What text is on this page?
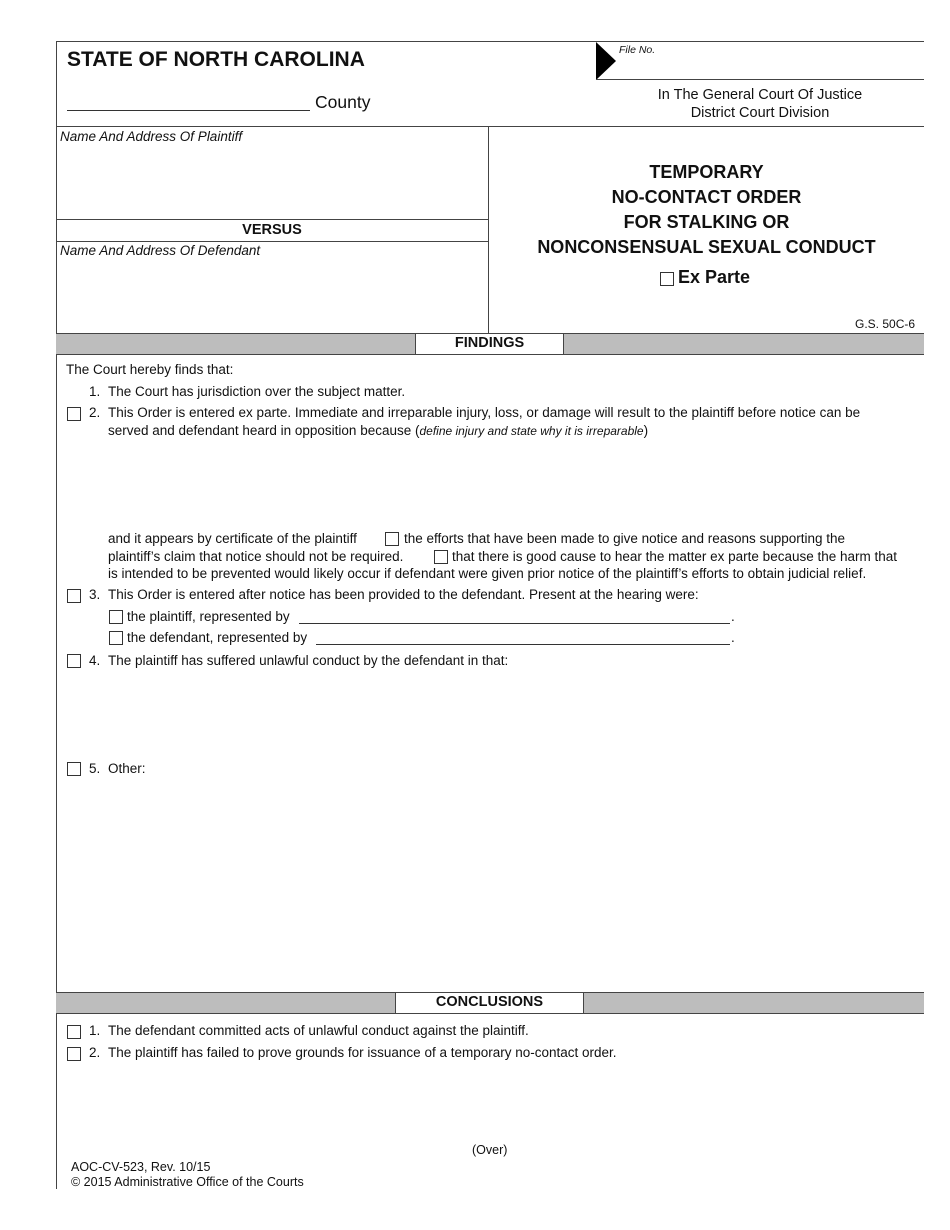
STATE OF NORTH CAROLINA
County
File No.
In The General Court Of Justice
District Court Division
Name And Address Of Plaintiff
VERSUS
Name And Address Of Defendant
TEMPORARY
NO-CONTACT ORDER
FOR STALKING OR
NONCONSENSUAL SEXUAL CONDUCT
Ex Parte
G.S. 50C-6
FINDINGS
The Court hereby finds that:
1. The Court has jurisdiction over the subject matter.
2. This Order is entered ex parte. Immediate and irreparable injury, loss, or damage will result to the plaintiff before notice can be
served and defendant heard in opposition because (define injury and state why it is irreparable)
and it appears by certificate of the plaintiff	the efforts that have been made to give notice and reasons supporting the
plaintiff’s claim that notice should not be required.	that there is good cause to hear the matter ex parte because the harm that
is intended to be prevented would likely occur if defendant were given prior notice of the plaintiff’s efforts to obtain judicial relief.
3. This Order is entered after notice has been provided to the defendant. Present at the hearing were:
the plaintiff, represented by	.
the defendant, represented by	.
4. The plaintiff has suffered unlawful conduct by the defendant in that:
5. Other:
CONCLUSIONS
1. The defendant committed acts of unlawful conduct against the plaintiff.
2. The plaintiff has failed to prove grounds for issuance of a temporary no-contact order.
(Over)
AOC-CV-523, Rev. 10/15
© 2015 Administrative Office of the Courts
